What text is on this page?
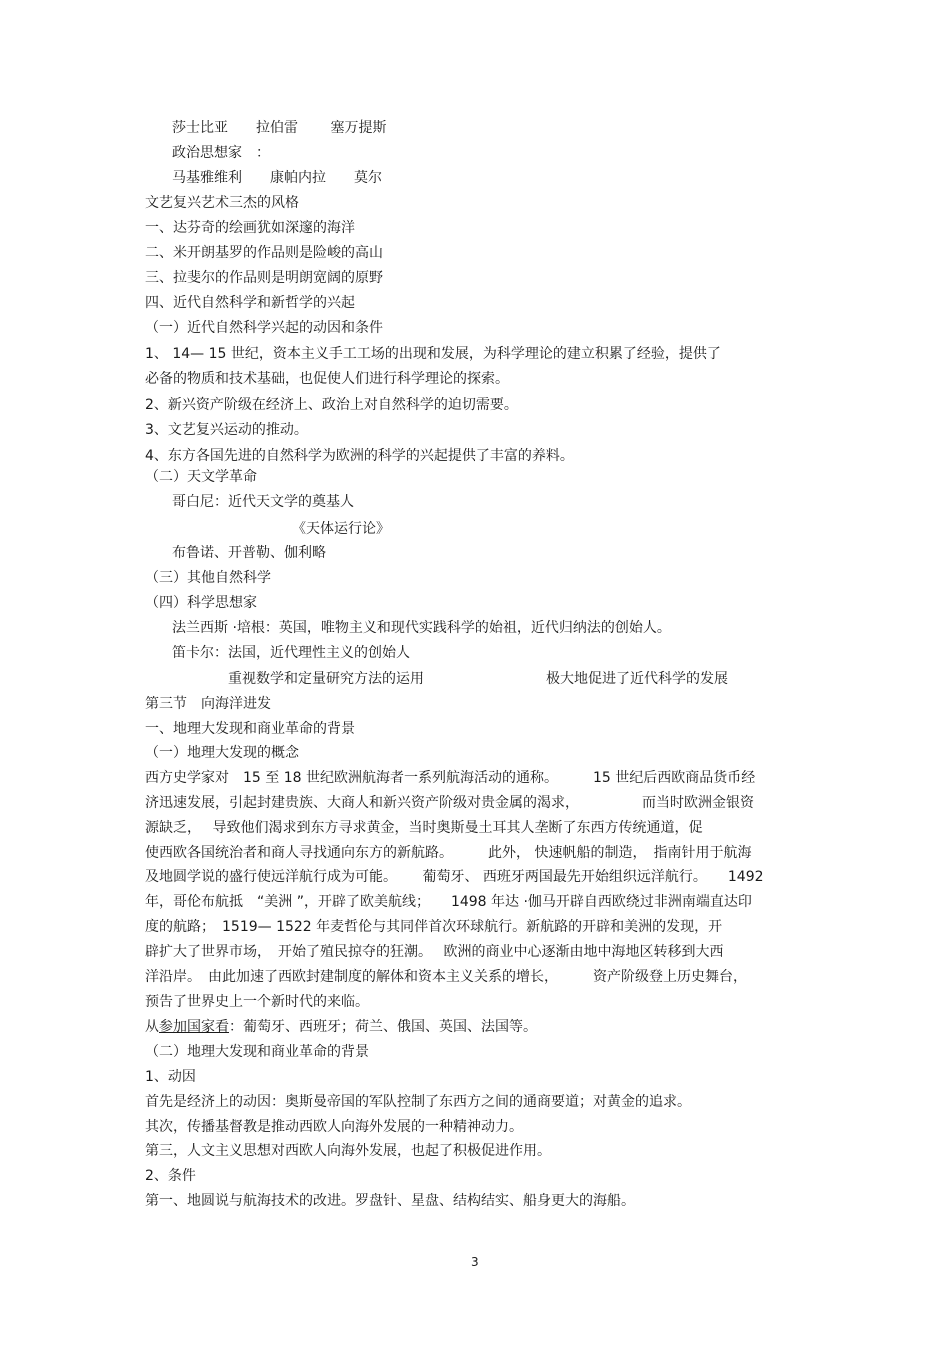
莎士比亚　　拉伯雷　　 塞万提斯
政治思想家　：
马基雅维利　　康帕内拉　　莫尔
文艺复兴艺术三杰的风格
一、达芬奇的绘画犹如深邃的海洋
二、米开朗基罗的作品则是险峻的高山
三、拉斐尔的作品则是明朗宽阔的原野
四、近代自然科学和新哲学的兴起
（一）近代自然科学兴起的动因和条件
1、 14— 15 世纪，资本主义手工工场的出现和发展，为科学理论的建立积累了经验，提供了
必备的物质和技术基础，也促使人们进行科学理论的探索。
2、新兴资产阶级在经济上、政治上对自然科学的迫切需要。
3、文艺复兴运动的推动。
4、东方各国先进的自然科学为欧洲的科学的兴起提供了丰富的养料。
（二）天文学革命
哥白尼：近代天文学的奠基人
《天体运行论》
布鲁诺、开普勒、伽利略
（三）其他自然科学
（四）科学思想家
法兰西斯 ·培根：英国，唯物主义和现代实践科学的始祖，近代归纳法的创始人。
笛卡尔：法国，近代理性主义的创始人
重视数学和定量研究方法的运用	极大地促进了近代科学的发展
第三节　向海洋进发
一、地理大发现和商业革命的背景
（一）地理大发现的概念
西方史学家对　15 至 18 世纪欧洲航海者一系列航海活动的通称。　　　15 世纪后西欧商品货币经
济迅速发展，引起封建贵族、大商人和新兴资产阶级对贵金属的渴求，　　　　　而当时欧洲金银资
源缺乏，　 导致他们渴求到东方寻求黄金，当时奥斯曼土耳其人垄断了东西方传统通道，促
使西欧各国统治者和商人寻找通向东方的新航路。　　　此外， 快速帆船的制造，　指南针用于航海
及地圆学说的盛行使远洋航行成为可能。　　 葡萄牙、 西班牙两国最先开始组织远洋航行。　　1492
年，哥伦布航抵　“美洲 ”，开辟了欧美航线；　　1498 年达 ·伽马开辟自西欧绕过非洲南端直达印
度的航路；　1519— 1522 年麦哲伦与其同伴首次环球航行。新航路的开辟和美洲的发现，开
辟扩大了世界市场，　开始了殖民掠夺的狂潮。　 欧洲的商业中心逐渐由地中海地区转移到大西
洋沿岸。　由此加速了西欧封建制度的解体和资本主义关系的增长，　　　资产阶级登上历史舞台，
预告了世界史上一个新时代的来临。
从参加国家看：葡萄牙、西班牙；荷兰、俄国、英国、法国等。
（二）地理大发现和商业革命的背景
1、动因
首先是经济上的动因：奥斯曼帝国的军队控制了东西方之间的通商要道；对黄金的追求。
其次，传播基督教是推动西欧人向海外发展的一种精神动力。
第三，人文主义思想对西欧人向海外发展，也起了积极促进作用。
2、条件
第一、地圆说与航海技术的改进。罗盘针、星盘、结构结实、船身更大的海船。
3
